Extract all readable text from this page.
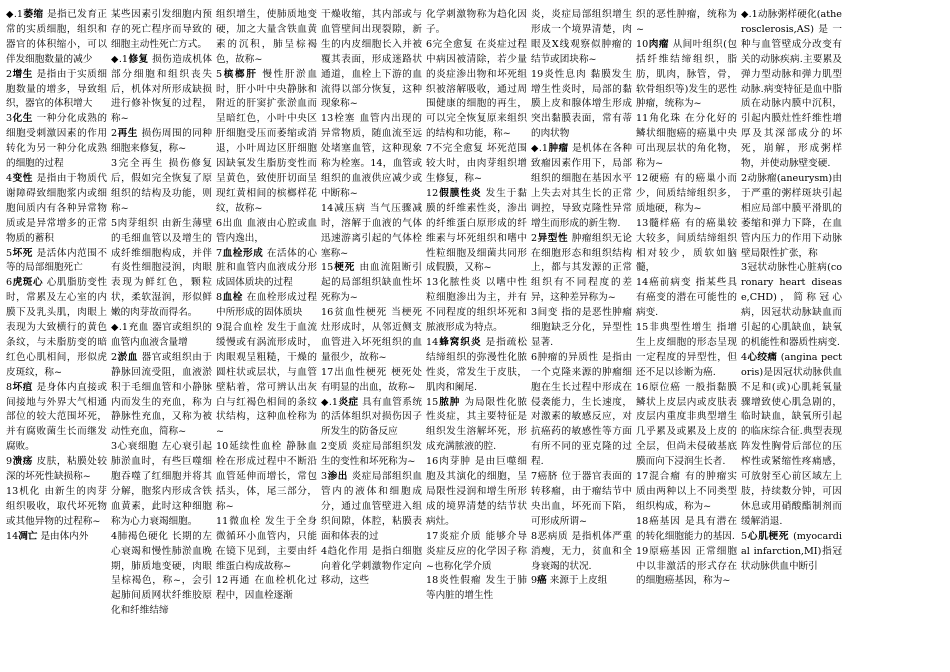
◆.1萎缩 是指已发育正常的实质细胞，组织和器官的体积缩小，可以伴发细胞数量的减少
2增生 是指由于实质细胞数量的增多，导致组织，器官的体积增大
3化生 一种分化成熟的细胞受刺激因素的作用转化为另一种分化成熟的细胞的过程
4变性 是指由于物质代谢障碍致细胞浆内或细胞间质内有各种异常物质或是异常增多的正常物质的蓄积
5坏死 是活体内范围不等的局部细胞死亡
6虎斑心 心肌脂肪变性时，常累及左心室的内膜下及乳头肌，肉眼上表现为大致横行的黄色条纹，与未脂肪变的暗红色心肌相间，形似虎皮斑纹，称~
8坏疽 是身体内直接或间接地与外界大气相通部位的较大范围坏死，并有腐败菌生长而继发腐败。
9溃疡 皮肤，粘膜处较深的坏死性缺损称~
13机化 由新生的肉芽组织吸收，取代坏死物或其他异物的过程称~
14凋亡 是由体内外
某些因素引发细胞内预存的死亡程序而导致的细胞主动性死亡方式。
◆.1修复 损伤造成机体部分细胞和组织丧失后，机体对所形成缺损进行修补恢复的过程，称~
2再生 损伤周围的同种细胞来修复，称~
3完全再生 损伤修复后，假如完全恢复了原组织的结构及功能，则称~
5肉芽组织 由新生薄壁的毛细血管以及增生的成纤维细胞构成，并伴有炎性细胞浸润，肉眼表现为鲜红色，颗粒状，柔软湿润，形似鲜嫩的肉芽故而得名。
◆.1充血 器官或组织的血管内血液含量增
2淤血 器官或组织由于静脉回流受阻，血液淤积于毛细血管和小静脉内而发生的充血，称为静脉性充血，又称为被动性充血，简称~
3心衰细胞 左心衰引起肺淤血时，有些巨噬细胞吞噬了红细胞并将其分解，胞浆内形成含铁血黄素，此时这种细胞称为心力衰竭细胞。
4肺褐色硬化 长期的左心衰竭和慢性肺淤血晚期，肺质地变硬，肉眼呈棕褐色，称~，会引起肺间质网状纤维胶原化和纤维结缔
组织增生，使肺质地变硬，加之大量含铁血黄素的沉积，肺呈棕褐色，故称~
5槟榔肝 慢性肝淤血时，肝小叶中央静脉和附近的肝窦扩张淤血而呈暗红色，小叶中央区肝细胞受压而萎缩或消退，小叶周边区肝细胞因缺氧发生脂肪变性而呈黄色，致使肝切面呈现红黄相间的槟榔样花纹，故称~
6出血 血液由心腔或血管内逸出，
7血栓形成 在活体的心脏和血管内血液成分形成固体质块的过程
8血栓 在血栓形成过程中所形成的固体质块
9混合血栓 发生于血流缓慢或有涡流形成时，肉眼观呈粗糙，干燥的圆柱状或层状，与血管壁粘着，常可辨认出灰白与红褐色相间的条纹状结构，这种血栓称为~
10延续性血栓 静脉血栓在形成过程中不断沿血管延伸而增长，常包括头，体，尾三部分，称~
11微血栓 发生于全身微循环小血管内，只能在镜下见到，主要由纤维蛋白构成故称~
12再通 在血栓机化过程中，因血栓逐渐
干燥收缩，其内部或与血管壁间出现裂隙，新生的内皮细胞长入并被覆其表面，形成迷路状通道，血栓上下游的血流得以部分恢复，这种现象称~
13栓塞 血管内出现的异常物质，随血流至远处堵塞血管，这种现象称为栓塞。14，血管或组织的血液供应减少或中断称~
14减压病 当气压骤减时，溶解于血液的气体迅速游离引起的气体栓塞称~
15梗死 由血流阻断引起的局部组织缺血性坏死称为~
16贫血性梗死 当梗死灶形成时，从邻近侧支血管进入坏死组织的血量很少，故称~
17出血性梗死 梗死处有明显的出血，故称~
◆.1炎症 具有血管系统的活体组织对损伤因子所发生的防备反应
2变质 炎症局部组织发生的变性和坏死称为~
3渗出 炎症局部组织血管内的液体和细胞成分，通过血管壁进入组织间隙，体腔，粘膜表面和体表的过
4趋化作用 是指白细胞向着化学刺激物作定向移动，这些
化学刺激物称为趋化因子。
6完全愈复 在炎症过程中病因被清除，若少量的炎症渗出物和坏死组织被溶解吸收，通过周围健康的细胞的再生，可以完全恢复原来组织的结构和功能，称~
7不完全愈复 坏死范围较大时，由肉芽组织增生修复，称~
12假膜性炎 发生于黏膜的纤维素性炎，渗出的纤维蛋白原形成的纤维素与坏死组织和嗜中性粒细胞及细菌共同形成假膜，又称~
13化脓性炎 以嗜中性粒细胞渗出为主，并有不同程度的组织坏死和脓液形成为特点。
14蜂窝织炎 是指疏松结缔组织的弥漫性化脓性炎，常发生于皮肤，肌肉和阑尾.
15脓肿 为局限性化脓性炎症，其主要特征是组织发生溶解坏死，形成充满脓液的腔.
16肉芽肿 是由巨噬细胞及其演化的细胞，呈局限性浸润和增生所形成的境界清楚的结节状病灶。
17炎症介质 能够介导炎症反应的化学因子称~也称化学介质
18炎性假瘤 发生于肺等内脏的增生性
炎，炎症局部组织增生形成一个境界清楚，肉眼及X线观察似肿瘤的结节或团块称~
19炎性息肉 黏膜发生增生性炎时，局部的黏膜上皮和腺体增生形成突出黏膜表面，常有蒂的肉状物
◆.1肿瘤 是机体在各种致瘤因素作用下，局部组织的细胞在基因水平上失去对其生长的正常调控，导致克隆性异常增生而形成的新生物.
2异型性 肿瘤组织无论在细胞形态和组织结构上，都与其发源的正常组织有不同程度的差异，这种差异称为~
3间变 指的是恶性肿瘤细胞缺乏分化，异型性显著.
6肿瘤的异质性 是指由一个克隆来源的肿瘤细胞在生长过程中形成在侵袭能力，生长速度，对激素的敏感反应，对抗癌药的敏感性等方面有所不同的亚克隆的过程.
7癌脐 位于器官表面的转移瘤，由于瘤结节中央出血，坏死而下陷，可形成所谓~
8恶病质 是指机体严重消瘦，无力，贫血和全身衰竭的状况.
9癌 来源于上皮组
织的恶性肿瘤，统称为~
10肉瘤 从间叶组织(包括纤维结缔组织，脂肪，肌肉，脉管，骨，软骨组织等)发生的恶性肿瘤，统称为~
11角化珠 在分化好的鳞状细胞癌的癌巢中央可出现层状的角化物，称为~
12硬癌 有的癌巢小而少，间质结缔组织多，质地硬，称为~
13髓样癌 有的癌巢较大较多，间质结缔组织相对较少，质软如脑髓，
14癌前病变 指某些具有癌变的潜在可能性的病变.
15非典型性增生 指增生上皮细胞的形态呈现一定程度的异型性，但还不足以诊断为癌.
16原位癌 一般指黏膜鳞状上皮层内或皮肤表皮层内重度非典型增生几乎累及或累及上皮的全层，但尚未侵破基底膜而向下浸润生长者.
17混合瘤 有的肿瘤实质由两种以上不同类型组织构成，称为~
18癌基因 是具有潜在的转化细胞能力的基因.
19原癌基因 正常细胞中以非激活的形式存在的细胞癌基因，称为~
◆.1动脉粥样硬化(atherosclerosis,AS)是一种与血管壁成分改变有关的动脉疾病.主要累及弹力型动脉和弹力肌型动脉.病变特征是血中脂质在动脉内膜中沉积，引起内膜灶性纤维性增厚及其深部成分的坏死，崩解，形成粥样物，并使动脉壁变硬.
2动脉瘤(aneurysm)由于严重的粥样斑块引起相应局部中膜平滑肌的萎缩和弹力下降，在血管内压力的作用下动脉壁局限性扩张，称
3冠状动脉性心脏病(coronary heart disease,CHD)，简称冠心病，因冠状动脉缺血而引起的心肌缺血，缺氧的机能性和器质性病变.
4心绞痛 (angina pectoris)是因冠状动脉供血不足和(或)心肌耗氧量骤增致使心肌急剧的，临时缺血，缺氧所引起的临床综合征.典型表现阵发性胸骨后部位的压榨性或紧缩性疼痛感，可放射至心前区域左上肢，持续数分钟，可因休息或用硝酸酯制剂而缓解消退.
5心肌梗死 (myocardial infarction,MI)指冠状动脉供血中断引
